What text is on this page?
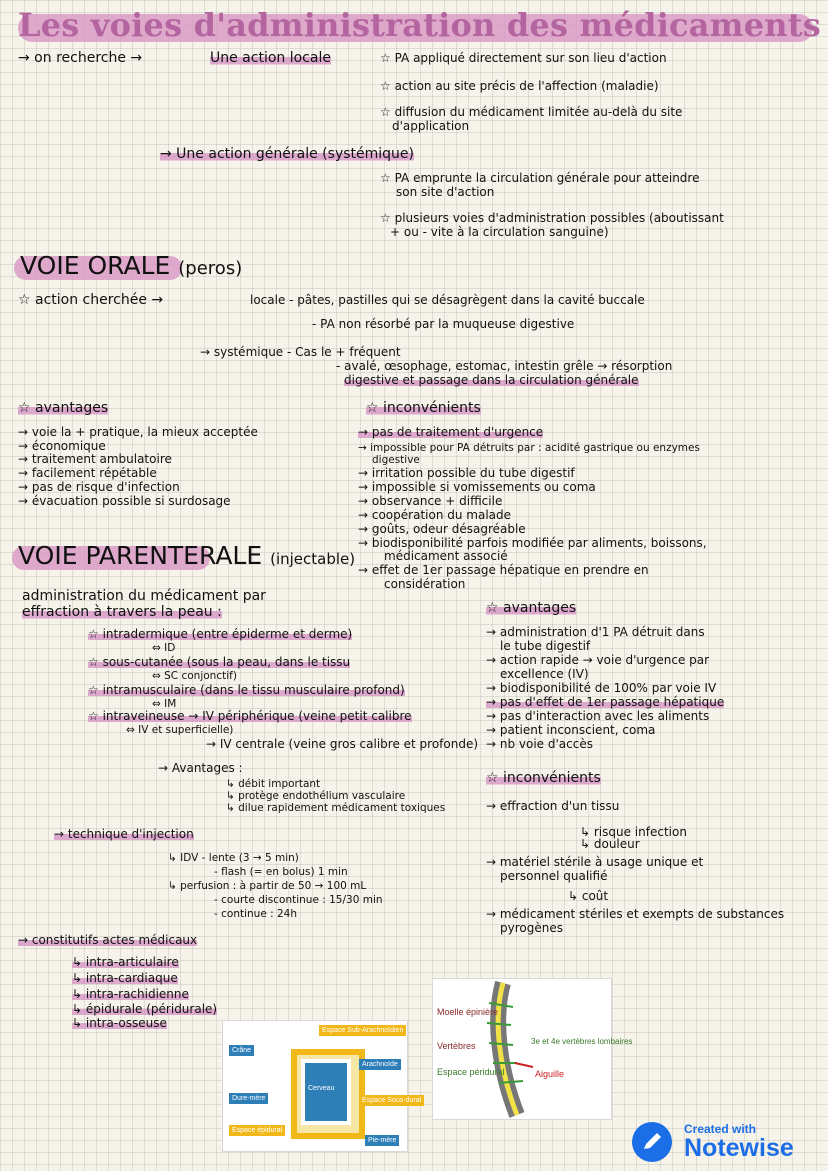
Les voies d'administration des médicaments
→ on recherche →	Une action locale	☆ PA appliqué directement sur son lieu d'action
☆ action au site précis de l'affection (maladie)
☆ diffusion du médicament limitée au-delà du site
d'application
→ Une action générale (systémique)
☆ PA emprunte la circulation générale pour atteindre
son site d'action
☆ plusieurs voies d'administration possibles (aboutissant
+ ou - vite à la circulation sanguine)
VOIE ORALE (peros)
☆ action cherchée →	locale - pâtes, pastilles qui se désagrègent dans la cavité buccale
- PA non résorbé par la muqueuse digestive
→ systémique - Cas le + fréquent
- avalé, œsophage, estomac, intestin grêle → résorption
digestive et passage dans la circulation générale
☆ avantages
→ voie la + pratique, la mieux acceptée
→ économique
→ traitement ambulatoire
→ facilement répétable
→ pas de risque d'infection
→ évacuation possible si surdosage
☆ inconvénients
→ pas de traitement d'urgence
→ impossible pour PA détruits par : acidité gastrique ou enzymes
digestive
→ irritation possible du tube digestif
→ impossible si vomissements ou coma
→ observance + difficile
→ coopération du malade
→ goûts, odeur désagréable
→ biodisponibilité parfois modifiée par aliments, boissons,
médicament associé
→ effet de 1er passage hépatique en prendre en
considération
VOIE PARENTERALE (injectable)
administration du médicament par
effraction à travers la peau :
☆ intradermique (entre épiderme et derme)
⇔ ID
☆ sous-cutanée (sous la peau, dans le tissu
⇔ SC conjonctif)
☆ intramusculaire (dans le tissu musculaire profond)
⇔ IM
☆ intraveineuse → IV périphérique (veine petit calibre
⇔ IV et superficielle)
→ IV centrale (veine gros calibre et profonde)
→ Avantages :
↳ débit important
↳ protège endothélium vasculaire
↳ dilue rapidement médicament toxiques
→ technique d'injection
↳ IDV - lente (3 → 5 min)
- flash (= en bolus) 1 min
↳ perfusion : à partir de 50 → 100 mL
- courte discontinue : 15/30 min
- continue : 24h
→ constitutifs actes médicaux
↳ intra-articulaire
↳ intra-cardiaque
↳ intra-rachidienne
↳ épidurale (péridurale)
↳ intra-osseuse
☆ avantages
→ administration d'1 PA détruit dans
le tube digestif
→ action rapide → voie d'urgence par
excellence (IV)
→ biodisponibilité de 100% par voie IV
→ pas d'effet de 1er passage hépatique
→ pas d'interaction avec les aliments
→ patient inconscient, coma
→ nb voie d'accès
☆ inconvénients
→ effraction d'un tissu
↳ risque infection
↳ douleur
→ matériel stérile à usage unique et
personnel qualifié
↳ coût
→ médicament stériles et exempts de substances
pyrogènes
Cerveau
Crâne
Dure-mère
Espace Sub-Arachnoïdien
Arachnoïde
Espace Sous-dural
Espace épidural
Pie-mère
Moelle épinière
Vertèbres	3e et 4e vertèbres lombaires
Espace péridural	Aiguille
Created with
Notewise
